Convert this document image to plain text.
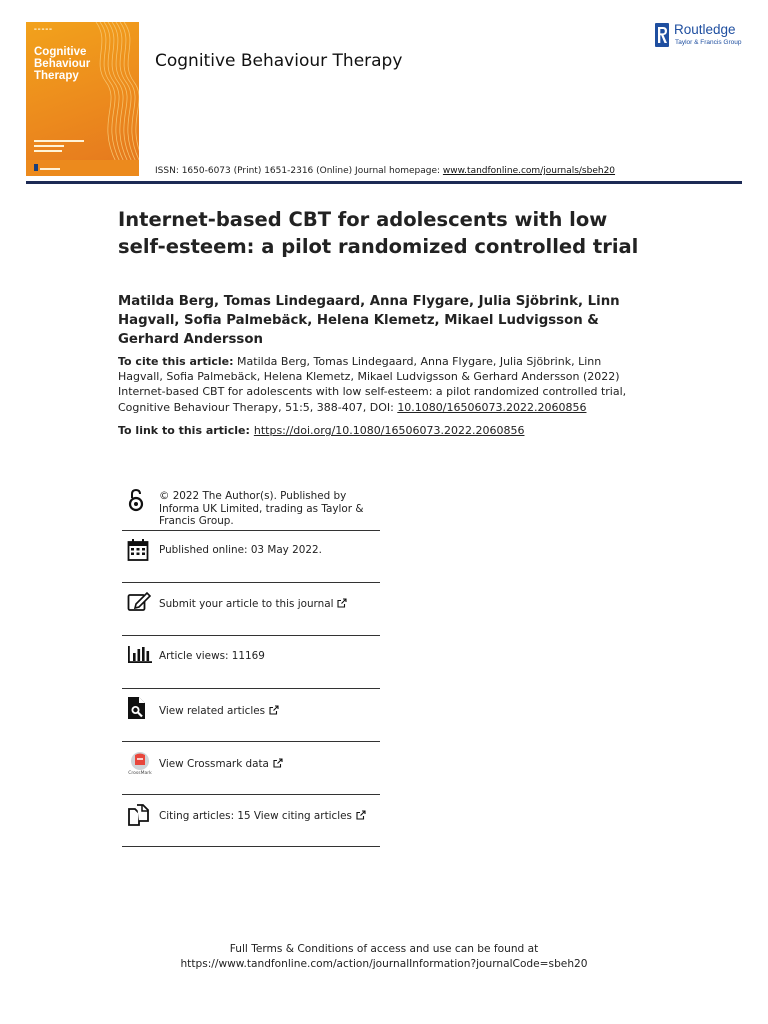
▬ ▬ ▬ ▬ ▬
Cognitive Behaviour Therapy
Cognitive Behaviour Therapy
ISSN: 1650-6073 (Print) 1651-2316 (Online) Journal homepage: www.tandfonline.com/journals/sbeh20
Routledge
Taylor & Francis Group
Internet-based CBT for adolescents with low self-esteem: a pilot randomized controlled trial
Matilda Berg, Tomas Lindegaard, Anna Flygare, Julia Sjöbrink, Linn Hagvall, Sofia Palmebäck, Helena Klemetz, Mikael Ludvigsson & Gerhard Andersson
To cite this article: Matilda Berg, Tomas Lindegaard, Anna Flygare, Julia Sjöbrink, Linn Hagvall, Sofia Palmebäck, Helena Klemetz, Mikael Ludvigsson & Gerhard Andersson (2022) Internet-based CBT for adolescents with low self-esteem: a pilot randomized controlled trial, Cognitive Behaviour Therapy, 51:5, 388-407, DOI: 10.1080/16506073.2022.2060856
To link to this article: https://doi.org/10.1080/16506073.2022.2060856
© 2022 The Author(s). Published by Informa UK Limited, trading as Taylor & Francis Group.
Published online: 03 May 2022.
Submit your article to this journal
Article views: 11169
View related articles
CrossMark
View Crossmark data
Citing articles: 15 View citing articles
Full Terms & Conditions of access and use can be found at
https://www.tandfonline.com/action/journalInformation?journalCode=sbeh20
